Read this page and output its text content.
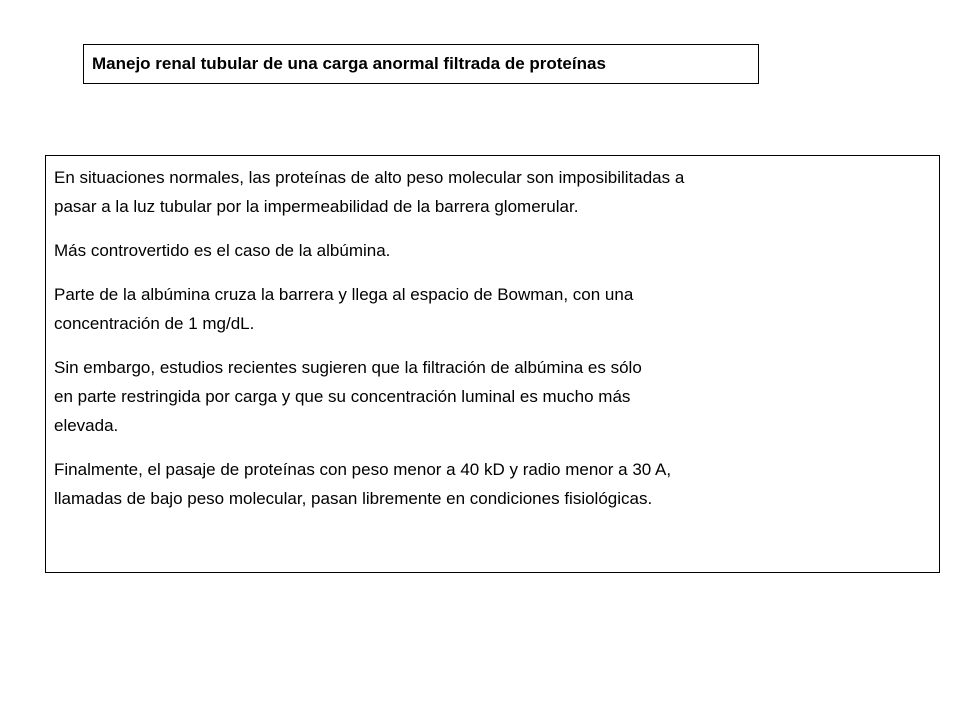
Manejo renal tubular de una carga anormal filtrada de proteínas

En situaciones normales, las proteínas de alto peso molecular son imposibilitadas a
pasar a la luz tubular por la impermeabilidad de la barrera glomerular.

Más controvertido es el caso de la albúmina.

Parte de la albúmina cruza la barrera y llega al espacio de Bowman, con una
concentración de 1 mg/dL.

Sin embargo, estudios recientes sugieren que la filtración de albúmina es sólo
en parte restringida por carga y que su concentración luminal es mucho más
elevada.

Finalmente, el pasaje de proteínas con peso menor a 40 kD y radio menor a 30 A,
llamadas de bajo peso molecular, pasan libremente en condiciones fisiológicas.
